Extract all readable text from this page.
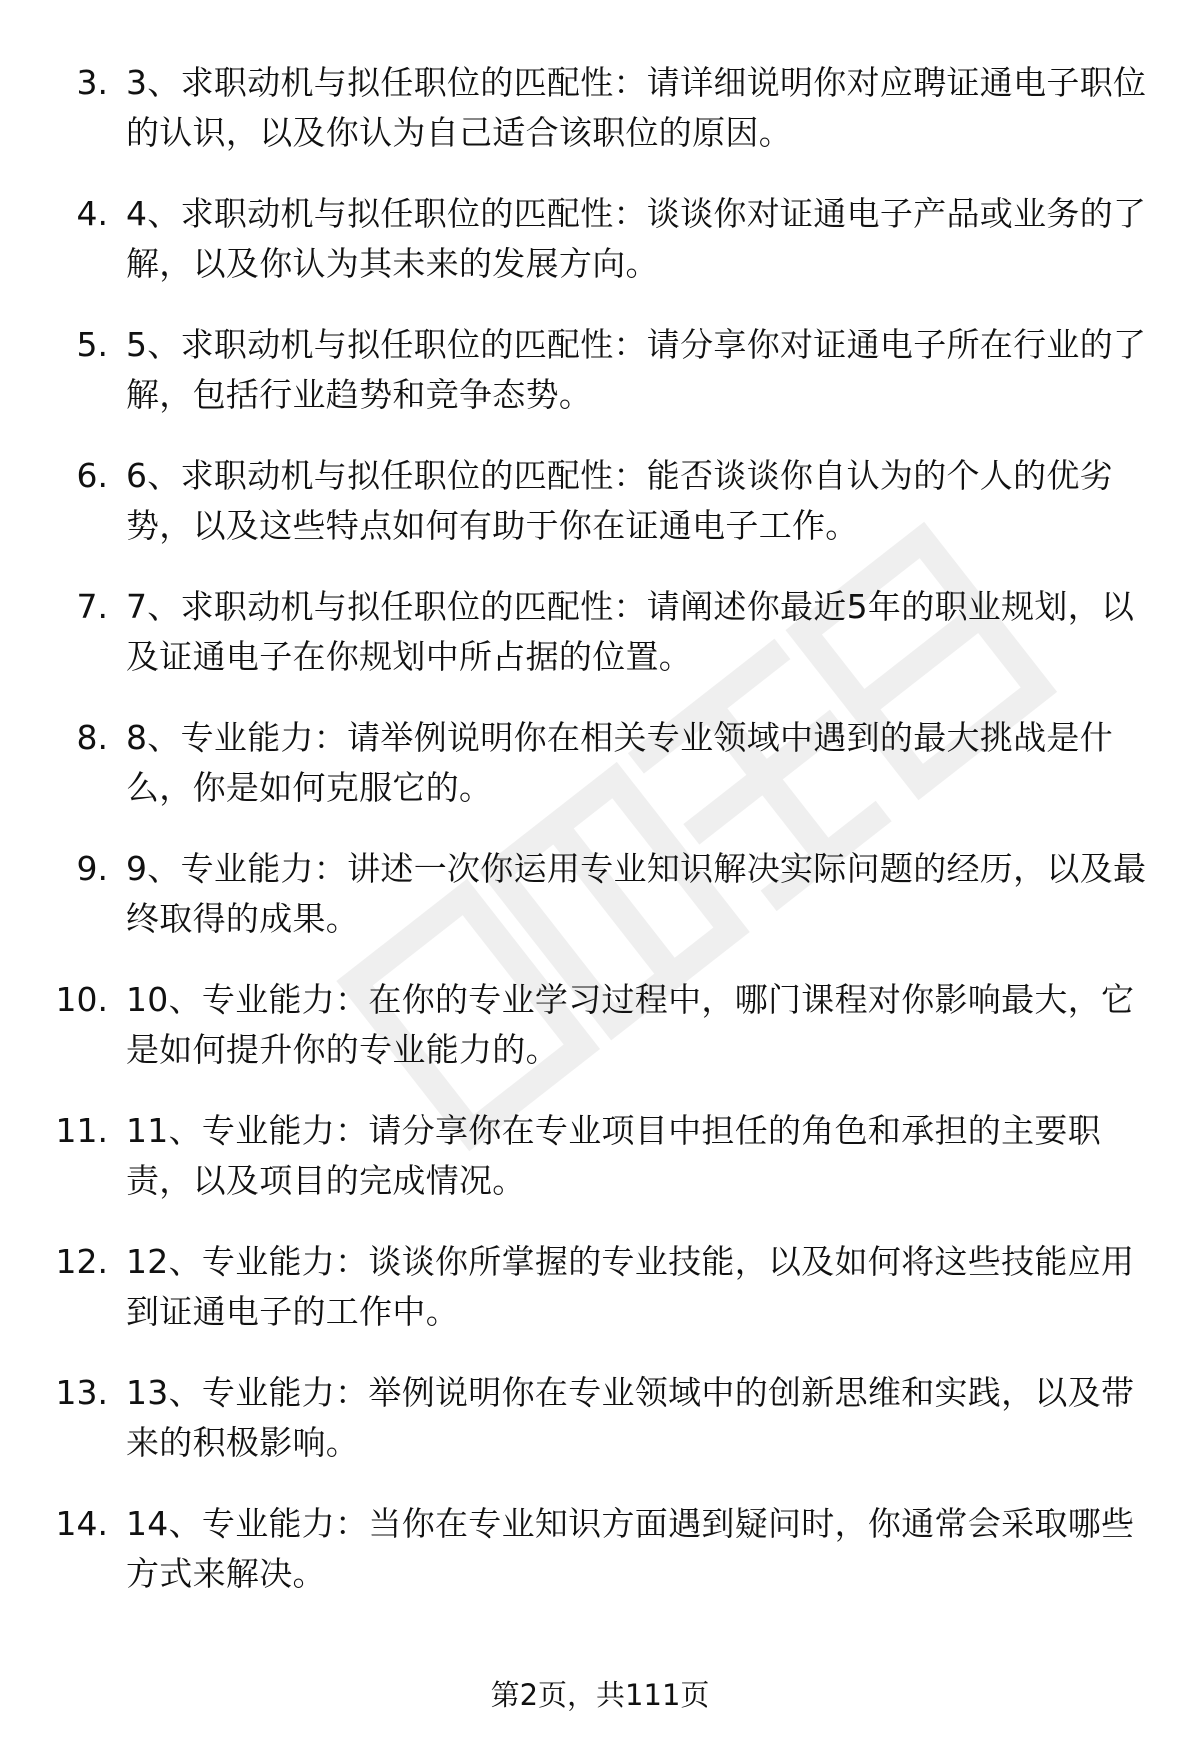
3. 3、求职动机与拟任职位的匹配性：请详细说明你对应聘证通电子职位的认识，以及你认为自己适合该职位的原因。
4. 4、求职动机与拟任职位的匹配性：谈谈你对证通电子产品或业务的了解，以及你认为其未来的发展方向。
5. 5、求职动机与拟任职位的匹配性：请分享你对证通电子所在行业的了解，包括行业趋势和竞争态势。
6. 6、求职动机与拟任职位的匹配性：能否谈谈你自认为的个人的优劣势，以及这些特点如何有助于你在证通电子工作。
7. 7、求职动机与拟任职位的匹配性：请阐述你最近5年的职业规划，以及证通电子在你规划中所占据的位置。
8. 8、专业能力：请举例说明你在相关专业领域中遇到的最大挑战是什么，你是如何克服它的。
9. 9、专业能力：讲述一次你运用专业知识解决实际问题的经历，以及最终取得的成果。
10. 10、专业能力：在你的专业学习过程中，哪门课程对你影响最大，它是如何提升你的专业能力的。
11. 11、专业能力：请分享你在专业项目中担任的角色和承担的主要职责，以及项目的完成情况。
12. 12、专业能力：谈谈你所掌握的专业技能，以及如何将这些技能应用到证通电子的工作中。
13. 13、专业能力：举例说明你在专业领域中的创新思维和实践，以及带来的积极影响。
14. 14、专业能力：当你在专业知识方面遇到疑问时，你通常会采取哪些方式来解决。
第2页，共111页
